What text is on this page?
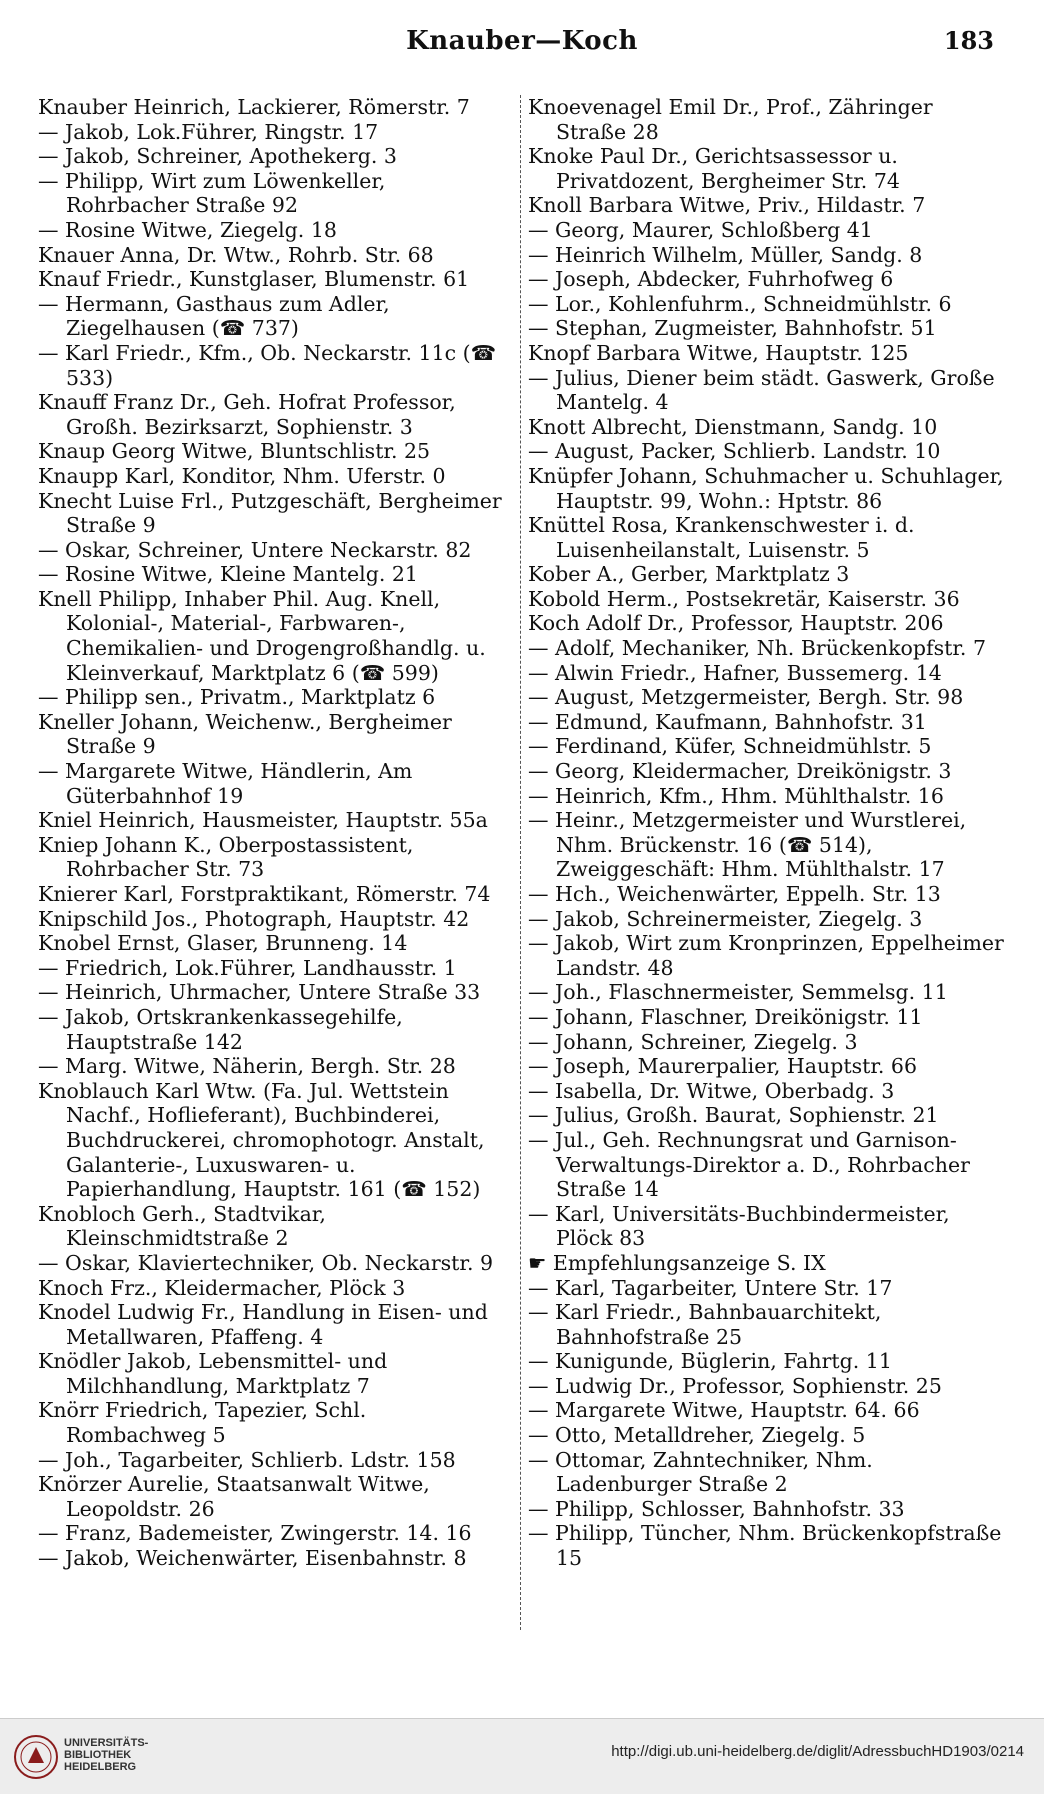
Knauber—Koch	183
Knauber Heinrich, Lackierer, Römerstr. 7
— Jakob, Lok.Führer, Ringstr. 17
— Jakob, Schreiner, Apothekerg. 3
— Philipp, Wirt zum Löwenkeller, Rohrbacher Straße 92
— Rosine Witwe, Ziegelg. 18
Knauer Anna, Dr. Wtw., Rohrb. Str. 68
Knauf Friedr., Kunstglaser, Blumenstr. 61
— Hermann, Gasthaus zum Adler, Ziegelhausen (☎ 737)
— Karl Friedr., Kfm., Ob. Neckarstr. 11c (☎ 533)
Knauff Franz Dr., Geh. Hofrat Professor, Großh. Bezirksarzt, Sophienstr. 3
Knaup Georg Witwe, Bluntschlistr. 25
Knaupp Karl, Konditor, Nhm. Uferstr. 0
Knecht Luise Frl., Putzgeschäft, Bergheimer Straße 9
— Oskar, Schreiner, Untere Neckarstr. 82
— Rosine Witwe, Kleine Mantelg. 21
Knell Philipp, Inhaber Phil. Aug. Knell, Kolonial-, Material-, Farbwaren-, Chemikalien- und Drogengroßhandlg. u. Kleinverkauf, Marktplatz 6 (☎ 599)
— Philipp sen., Privatm., Marktplatz 6
Kneller Johann, Weichenw., Bergheimer Straße 9
— Margarete Witwe, Händlerin, Am Güterbahnhof 19
Kniel Heinrich, Hausmeister, Hauptstr. 55a
Kniep Johann K., Oberpostassistent, Rohrbacher Str. 73
Knierer Karl, Forstpraktikant, Römerstr. 74
Knipschild Jos., Photograph, Hauptstr. 42
Knobel Ernst, Glaser, Brunneng. 14
— Friedrich, Lok.Führer, Landhausstr. 1
— Heinrich, Uhrmacher, Untere Straße 33
— Jakob, Ortskrankenkassegehilfe, Hauptstraße 142
— Marg. Witwe, Näherin, Bergh. Str. 28
Knoblauch Karl Wtw. (Fa. Jul. Wettstein Nachf., Hoflieferant), Buchbinderei, Buchdruckerei, chromophotogr. Anstalt, Galanterie-, Luxuswaren- u. Papierhandlung, Hauptstr. 161 (☎ 152)
Knobloch Gerh., Stadtvikar, Kleinschmidtstraße 2
— Oskar, Klaviertechniker, Ob. Neckarstr. 9
Knoch Frz., Kleidermacher, Plöck 3
Knodel Ludwig Fr., Handlung in Eisen- und Metallwaren, Pfaffeng. 4
Knödler Jakob, Lebensmittel- und Milchhandlung, Marktplatz 7
Knörr Friedrich, Tapezier, Schl. Rombachweg 5
— Joh., Tagarbeiter, Schlierb. Ldstr. 158
Knörzer Aurelie, Staatsanwalt Witwe, Leopoldstr. 26
— Franz, Bademeister, Zwingerstr. 14. 16
— Jakob, Weichenwärter, Eisenbahnstr. 8
Knoevenagel Emil Dr., Prof., Zähringer Straße 28
Knoke Paul Dr., Gerichtsassessor u. Privatdozent, Bergheimer Str. 74
Knoll Barbara Witwe, Priv., Hildastr. 7
— Georg, Maurer, Schloßberg 41
— Heinrich Wilhelm, Müller, Sandg. 8
— Joseph, Abdecker, Fuhrhofweg 6
— Lor., Kohlenfuhrm., Schneidmühlstr. 6
— Stephan, Zugmeister, Bahnhofstr. 51
Knopf Barbara Witwe, Hauptstr. 125
— Julius, Diener beim städt. Gaswerk, Große Mantelg. 4
Knott Albrecht, Dienstmann, Sandg. 10
— August, Packer, Schlierb. Landstr. 10
Knüpfer Johann, Schuhmacher u. Schuhlager, Hauptstr. 99, Wohn.: Hptstr. 86
Knüttel Rosa, Krankenschwester i. d. Luisenheilanstalt, Luisenstr. 5
Kober A., Gerber, Marktplatz 3
Kobold Herm., Postsekretär, Kaiserstr. 36
Koch Adolf Dr., Professor, Hauptstr. 206
— Adolf, Mechaniker, Nh. Brückenkopfstr. 7
— Alwin Friedr., Hafner, Bussemerg. 14
— August, Metzgermeister, Bergh. Str. 98
— Edmund, Kaufmann, Bahnhofstr. 31
— Ferdinand, Küfer, Schneidmühlstr. 5
— Georg, Kleidermacher, Dreikönigstr. 3
— Heinrich, Kfm., Hhm. Mühlthalstr. 16
— Heinr., Metzgermeister und Wurstlerei, Nhm. Brückenstr. 16 (☎ 514), Zweiggeschäft: Hhm. Mühlthalstr. 17
— Hch., Weichenwärter, Eppelh. Str. 13
— Jakob, Schreinermeister, Ziegelg. 3
— Jakob, Wirt zum Kronprinzen, Eppelheimer Landstr. 48
— Joh., Flaschnermeister, Semmelsg. 11
— Johann, Flaschner, Dreikönigstr. 11
— Johann, Schreiner, Ziegelg. 3
— Joseph, Maurerpalier, Hauptstr. 66
— Isabella, Dr. Witwe, Oberbadg. 3
— Julius, Großh. Baurat, Sophienstr. 21
— Jul., Geh. Rechnungsrat und Garnison-Verwaltungs-Direktor a. D., Rohrbacher Straße 14
— Karl, Universitäts-Buchbindermeister, Plöck 83
☛ Empfehlungsanzeige S. IX
— Karl, Tagarbeiter, Untere Str. 17
— Karl Friedr., Bahnbauarchitekt, Bahnhofstraße 25
— Kunigunde, Büglerin, Fahrtg. 11
— Ludwig Dr., Professor, Sophienstr. 25
— Margarete Witwe, Hauptstr. 64. 66
— Otto, Metalldreher, Ziegelg. 5
— Ottomar, Zahntechniker, Nhm. Ladenburger Straße 2
— Philipp, Schlosser, Bahnhofstr. 33
— Philipp, Tüncher, Nhm. Brückenkopfstraße 15
UNIVERSITÄTS-
BIBLIOTHEK
HEIDELBERG
http://digi.ub.uni-heidelberg.de/diglit/AdressbuchHD1903/0214
